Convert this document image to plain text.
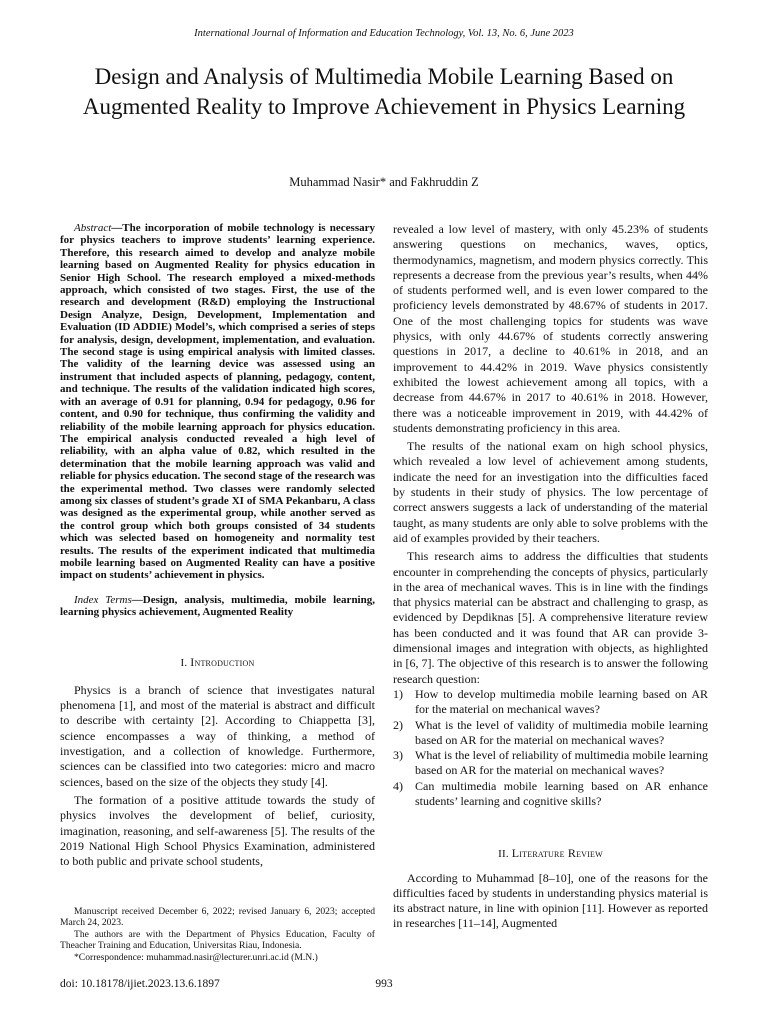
International Journal of Information and Education Technology, Vol. 13, No. 6, June 2023
Design and Analysis of Multimedia Mobile Learning Based on Augmented Reality to Improve Achievement in Physics Learning
Muhammad Nasir* and Fakhruddin Z

Abstract—The incorporation of mobile technology is necessary for physics teachers to improve students’ learning experience. Therefore, this research aimed to develop and analyze mobile learning based on Augmented Reality for physics education in Senior High School. The research employed a mixed-methods approach, which consisted of two stages. First, the use of the research and development (R&D) employing the Instructional Design Analyze, Design, Development, Implementation and Evaluation (ID ADDIE) Model’s, which comprised a series of steps for analysis, design, development, implementation, and evaluation. The second stage is using empirical analysis with limited classes. The validity of the learning device was assessed using an instrument that included aspects of planning, pedagogy, content, and technique. The results of the validation indicated high scores, with an average of 0.91 for planning, 0.94 for pedagogy, 0.96 for content, and 0.90 for technique, thus confirming the validity and reliability of the mobile learning approach for physics education. The empirical analysis conducted revealed a high level of reliability, with an alpha value of 0.82, which resulted in the determination that the mobile learning approach was valid and reliable for physics education. The second stage of the research was the experimental method. Two classes were randomly selected among six classes of student’s grade XI of SMA Pekanbaru, A class was designed as the experimental group, while another served as the control group which both groups consisted of 34 students which was selected based on homogeneity and normality test results. The results of the experiment indicated that multimedia mobile learning based on Augmented Reality can have a positive impact on students’ achievement in physics.

Index Terms—Design, analysis, multimedia, mobile learning, learning physics achievement, Augmented Reality

I. Introduction

Physics is a branch of science that investigates natural phenomena [1], and most of the material is abstract and difficult to describe with certainty [2]. According to Chiappetta [3], science encompasses a way of thinking, a method of investigation, and a collection of knowledge. Furthermore, sciences can be classified into two categories: micro and macro sciences, based on the size of the objects they study [4].

The formation of a positive attitude towards the study of physics involves the development of belief, curiosity, imagination, reasoning, and self-awareness [5]. The results of the 2019 National High School Physics Examination, administered to both public and private school students,

Manuscript received December 6, 2022; revised January 6, 2023; accepted March 24, 2023.

The authors are with the Department of Physics Education, Faculty of Theacher Training and Education, Universitas Riau, Indonesia.

*Correspondence: muhammad.nasir@lecturer.unri.ac.id (M.N.)

revealed a low level of mastery, with only 45.23% of students answering questions on mechanics, waves, optics, thermodynamics, magnetism, and modern physics correctly. This represents a decrease from the previous year’s results, when 44% of students performed well, and is even lower compared to the proficiency levels demonstrated by 48.67% of students in 2017. One of the most challenging topics for students was wave physics, with only 44.67% of students correctly answering questions in 2017, a decline to 40.61% in 2018, and an improvement to 44.42% in 2019. Wave physics consistently exhibited the lowest achievement among all topics, with a decrease from 44.67% in 2017 to 40.61% in 2018. However, there was a noticeable improvement in 2019, with 44.42% of students demonstrating proficiency in this area.

The results of the national exam on high school physics, which revealed a low level of achievement among students, indicate the need for an investigation into the difficulties faced by students in their study of physics. The low percentage of correct answers suggests a lack of understanding of the material taught, as many students are only able to solve problems with the aid of examples provided by their teachers.

This research aims to address the difficulties that students encounter in comprehending the concepts of physics, particularly in the area of mechanical waves. This is in line with the findings that physics material can be abstract and challenging to grasp, as evidenced by Depdiknas [5]. A comprehensive literature review has been conducted and it was found that AR can provide 3-dimensional images and integration with objects, as highlighted in [6, 7]. The objective of this research is to answer the following research question:

1) How to develop multimedia mobile learning based on AR for the material on mechanical waves?
2) What is the level of validity of multimedia mobile learning based on AR for the material on mechanical waves?
3) What is the level of reliability of multimedia mobile learning based on AR for the material on mechanical waves?
4) Can multimedia mobile learning based on AR enhance students’ learning and cognitive skills?
II. Literature Review

According to Muhammad [8–10], one of the reasons for the difficulties faced by students in understanding physics material is its abstract nature, in line with opinion [11]. However as reported in researches [11–14], Augmented

doi: 10.18178/ijiet.2023.13.6.1897	993
